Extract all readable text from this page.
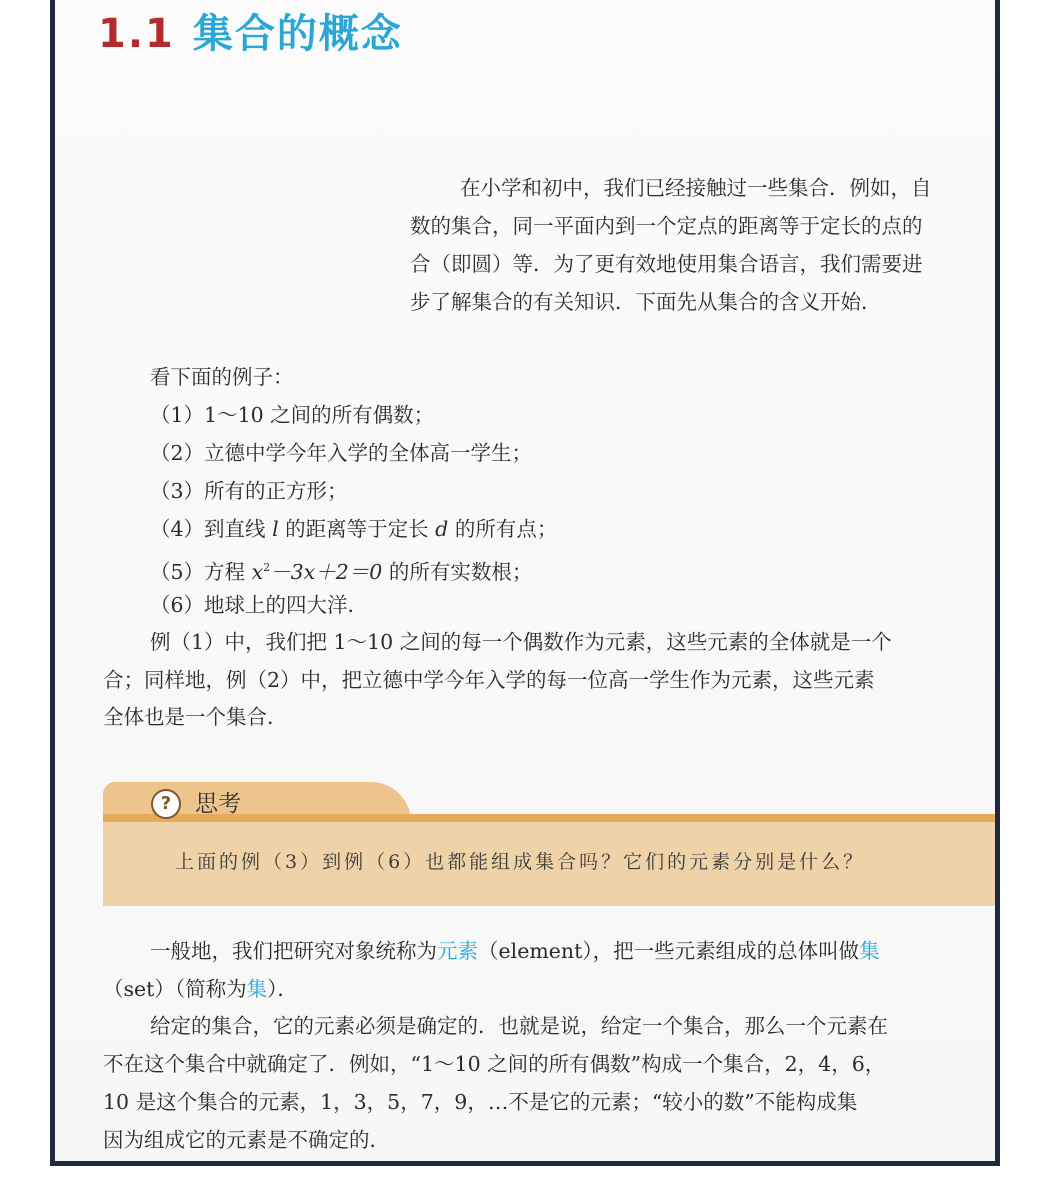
1.1 集合的概念
在小学和初中，我们已经接触过一些集合．例如，自
数的集合，同一平面内到一个定点的距离等于定长的点的
合（即圆）等．为了更有效地使用集合语言，我们需要进
步了解集合的有关知识．下面先从集合的含义开始．
看下面的例子：
（1）1～10 之间的所有偶数；
（2）立德中学今年入学的全体高一学生；
（3）所有的正方形；
（4）到直线 l 的距离等于定长 d 的所有点；
（5）方程 $x^2-3x+2=0$ 的所有实数根；
（6）地球上的四大洋．
例（1）中，我们把 1～10 之间的每一个偶数作为元素，这些元素的全体就是一个
合；同样地，例（2）中，把立德中学今年入学的每一位高一学生作为元素，这些元素
全体也是一个集合．
?	思考
上面的例（3）到例（6）也都能组成集合吗？它们的元素分别是什么？
一般地，我们把研究对象统称为元素（element），把一些元素组成的总体叫做集
（set）（简称为集）．
给定的集合，它的元素必须是确定的．也就是说，给定一个集合，那么一个元素在
不在这个集合中就确定了．例如，“1～10 之间的所有偶数”构成一个集合，2，4，6，
10 是这个集合的元素，1，3，5，7，9，…不是它的元素；“较小的数”不能构成集
因为组成它的元素是不确定的．
